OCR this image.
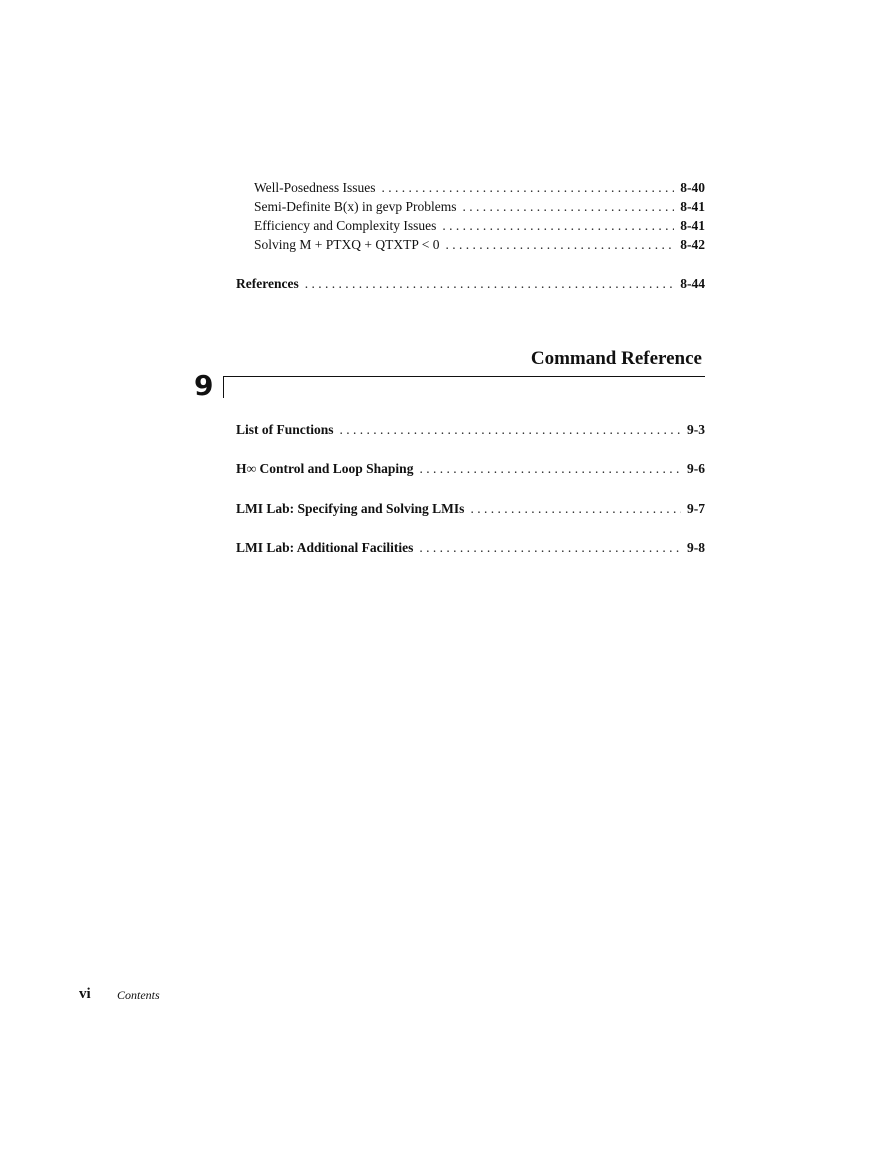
Well-Posedness Issues . . .	8-40
Semi-Definite B(x) in gevp Problems . . .	8-41
Efficiency and Complexity Issues . . .	8-41
Solving M + PTXQ + QTXTP < 0 . . .	8-42
References . . .	8-44
Command Reference
9
List of Functions . . .	9-3
H∞ Control and Loop Shaping . . .	9-6
LMI Lab: Specifying and Solving LMIs . . .	9-7
LMI Lab: Additional Facilities . . .	9-8
vi Contents
